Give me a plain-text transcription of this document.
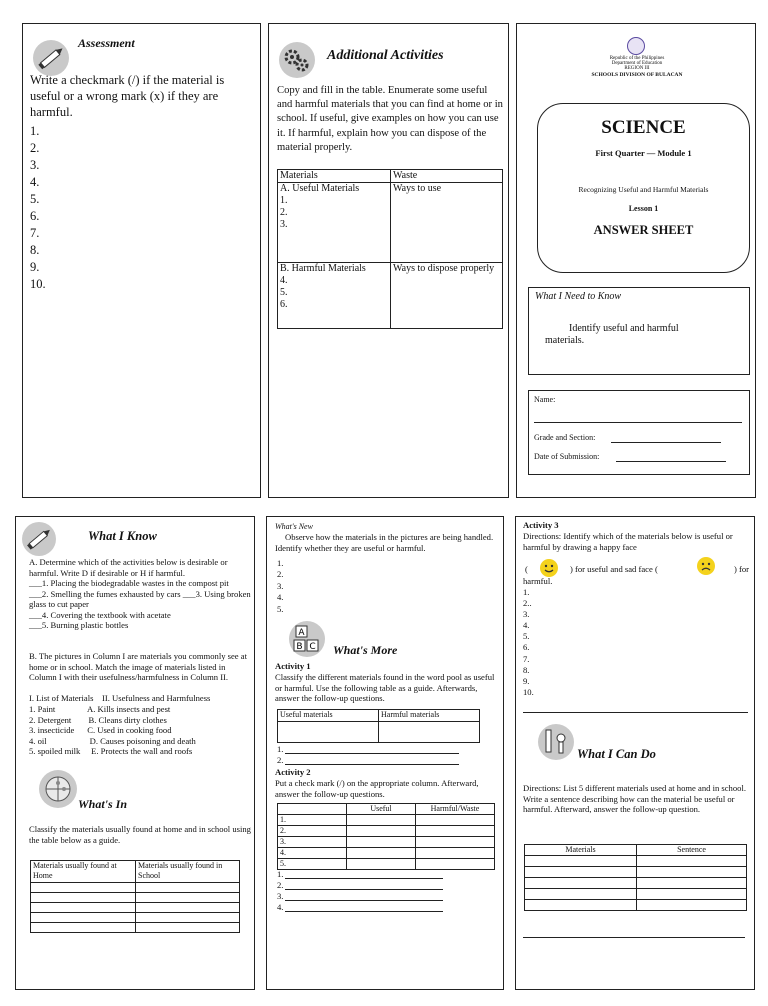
Assessment
Write a checkmark (/) if the material is useful or a wrong mark (x) if they are harmful.
1.
2.
3.
4.
5.
6.
7.
8.
9.
10.
Additional Activities
Copy and fill in the table. Enumerate some useful and harmful materials that you can find at home or in school. If useful, give examples on how you can use it. If harmful, explain how you can dispose of the material properly.
Materials	Waste

A. Useful Materials
1.
2.
3.	Ways to use

B. Harmful Materials
4.
5.
6.	Ways to dispose properly
Republic of the Philippines
Department of Education
REGION III
SCHOOLS DIVISION OF BULACAN
SCIENCE
First Quarter — Module 1
Recognizing Useful and Harmful Materials
Lesson 1
ANSWER SHEET
What I Need to Know
Identify useful and harmful materials.
Name:
Grade and Section:
Date of Submission:
What I Know
A. Determine which of the activities below is desirable or harmful. Write D if desirable or H if harmful.
___1. Placing the biodegradable wastes in the compost pit
___2. Smelling the fumes exhausted by cars ___3. Using broken glass to cut paper
___4. Covering the textbook with acetate
___5. Burning plastic bottles
B. The pictures in Column I are materials you commonly see at home or in school. Match the image of materials listed in Column I with their usefulness/harmfulness in Column II.
I. List of Materials    II. Usefulness and Harmfulness
1. Paint               A. Kills insects and pest
2. Detergent        B. Cleans dirty clothes
3. insecticide      C. Used in cooking food
4. oil                    D. Causes poisoning and death
5. spoiled milk     E. Protects the wall and roofs
What's In
Classify the materials usually found at home and in school using the table below as a guide.
Materials usually found at Home	Materials usually found in School

What's New
Observe how the materials in the pictures are being handled. Identify whether they are useful or harmful.
1.
2.
3.
4.
5.
A
B C What's More
Activity 1
Classify the different materials found in the word pool as useful or harmful. Use the following table as a guide. Afterwards, answer the follow-up questions.
Useful materials	Harmful materials

1.
2.
Activity 2
Put a check mark (/) on the appropriate column. Afterward, answer the follow-up questions.
	Useful	Harmful/Waste
1.		
2.		
3.		
4.		
5.		
1.
2.
3.
4.
Activity 3
Directions: Identify which of the materials below is useful or harmful by drawing a happy face
(	) for useful and sad face (	) for
harmful.
1.
2..
3.
4.
5.
6.
7.
8.
9.
10.
What I Can Do
Directions: List 5 different materials used at home and in school. Write a sentence describing how can the material be useful or harmful. Afterward, answer the follow-up question.
Materials	Sentence
